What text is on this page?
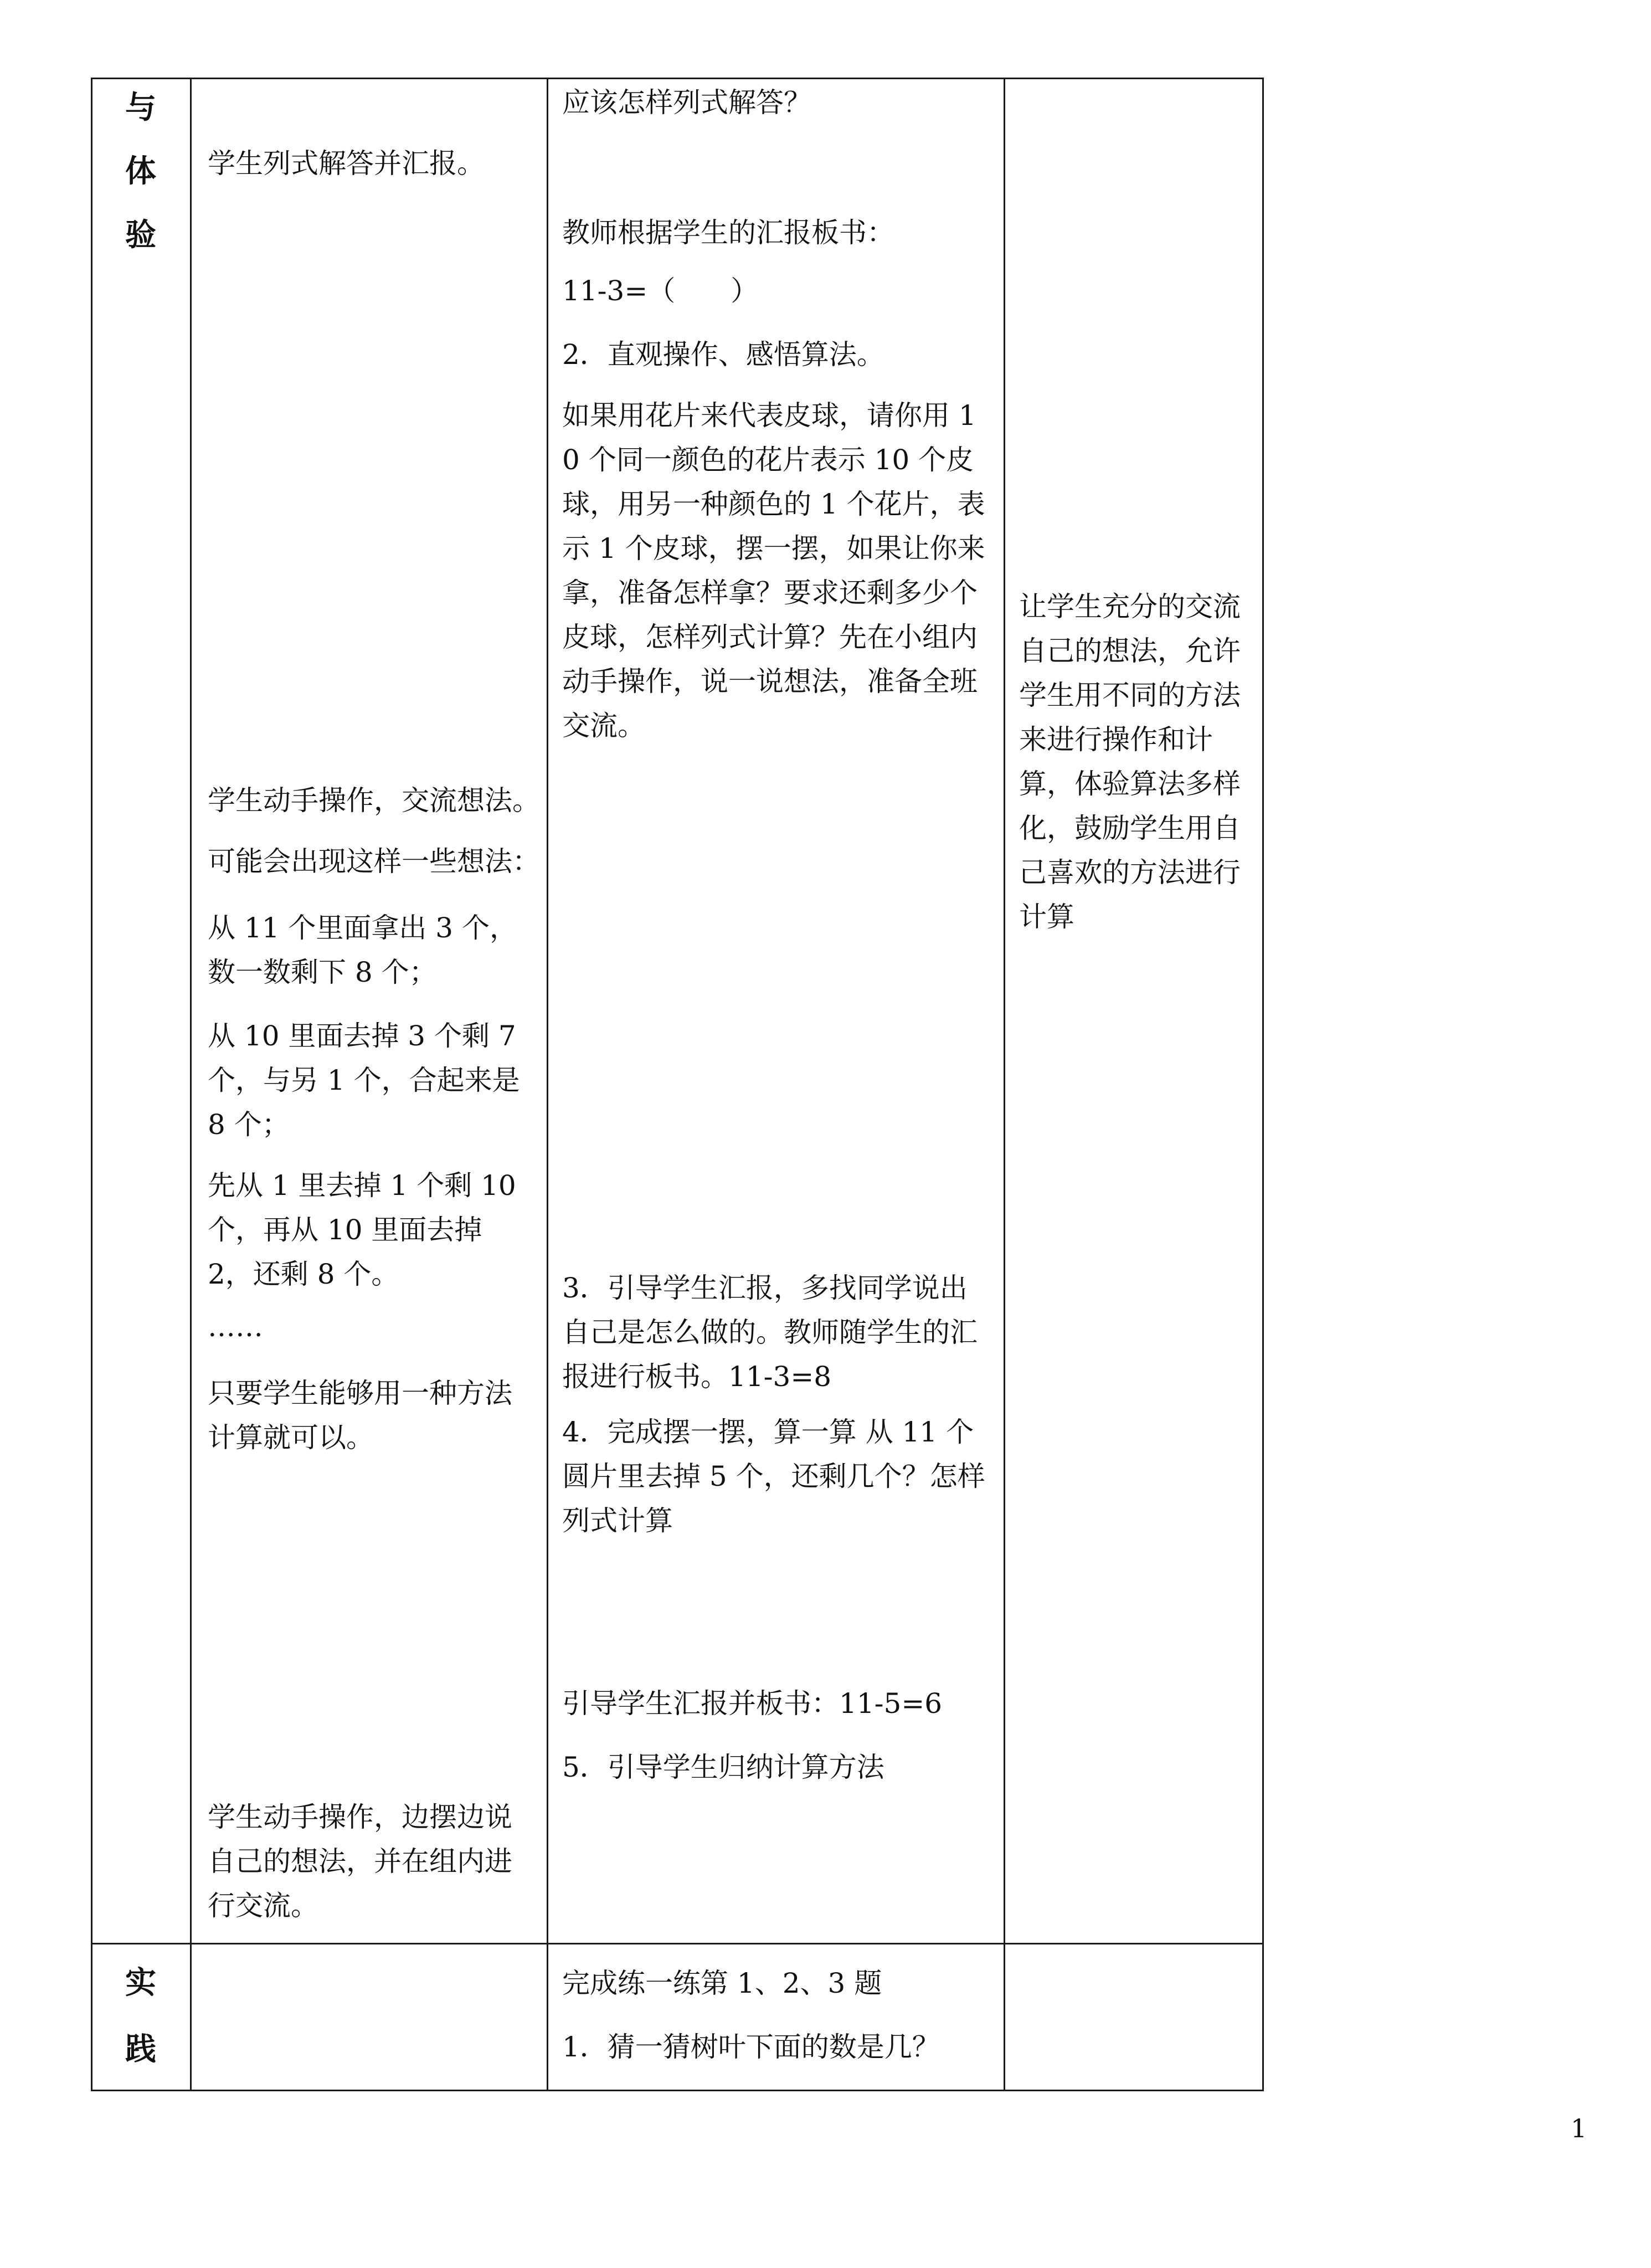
与
体
验

学生列式解答并汇报。

学生动手操作，交流想法。

可能会出现这样一些想法：

从 11 个里面拿出 3 个，数一数剩下 8 个；

从 10 里面去掉 3 个剩 7 个，与另 1 个，合起来是 8 个；

先从 1 里去掉 1 个剩 10 个，再从 10 里面去掉 2，还剩 8 个。

……

只要学生能够用一种方法计算就可以。

学生动手操作，边摆边说自己的想法，并在组内进行交流。

应该怎样列式解答？

教师根据学生的汇报板书：

11-3=（　　）

2．直观操作、感悟算法。

如果用花片来代表皮球，请你用 10 个同一颜色的花片表示 10 个皮球，用另一种颜色的 1 个花片，表示 1 个皮球，摆一摆，如果让你来拿，准备怎样拿？要求还剩多少个皮球，怎样列式计算？先在小组内动手操作，说一说想法，准备全班交流。

3．引导学生汇报，多找同学说出自己是怎么做的。教师随学生的汇报进行板书。11-3=8

4．完成摆一摆，算一算 从 11 个圆片里去掉 5 个，还剩几个？怎样列式计算

引导学生汇报并板书：11-5=6

5．引导学生归纳计算方法

让学生充分的交流自己的想法，允许学生用不同的方法来进行操作和计算，体验算法多样化，鼓励学生用自己喜欢的方法进行计算

实
践

完成练一练第 1、2、3 题

1．猜一猜树叶下面的数是几？

1
